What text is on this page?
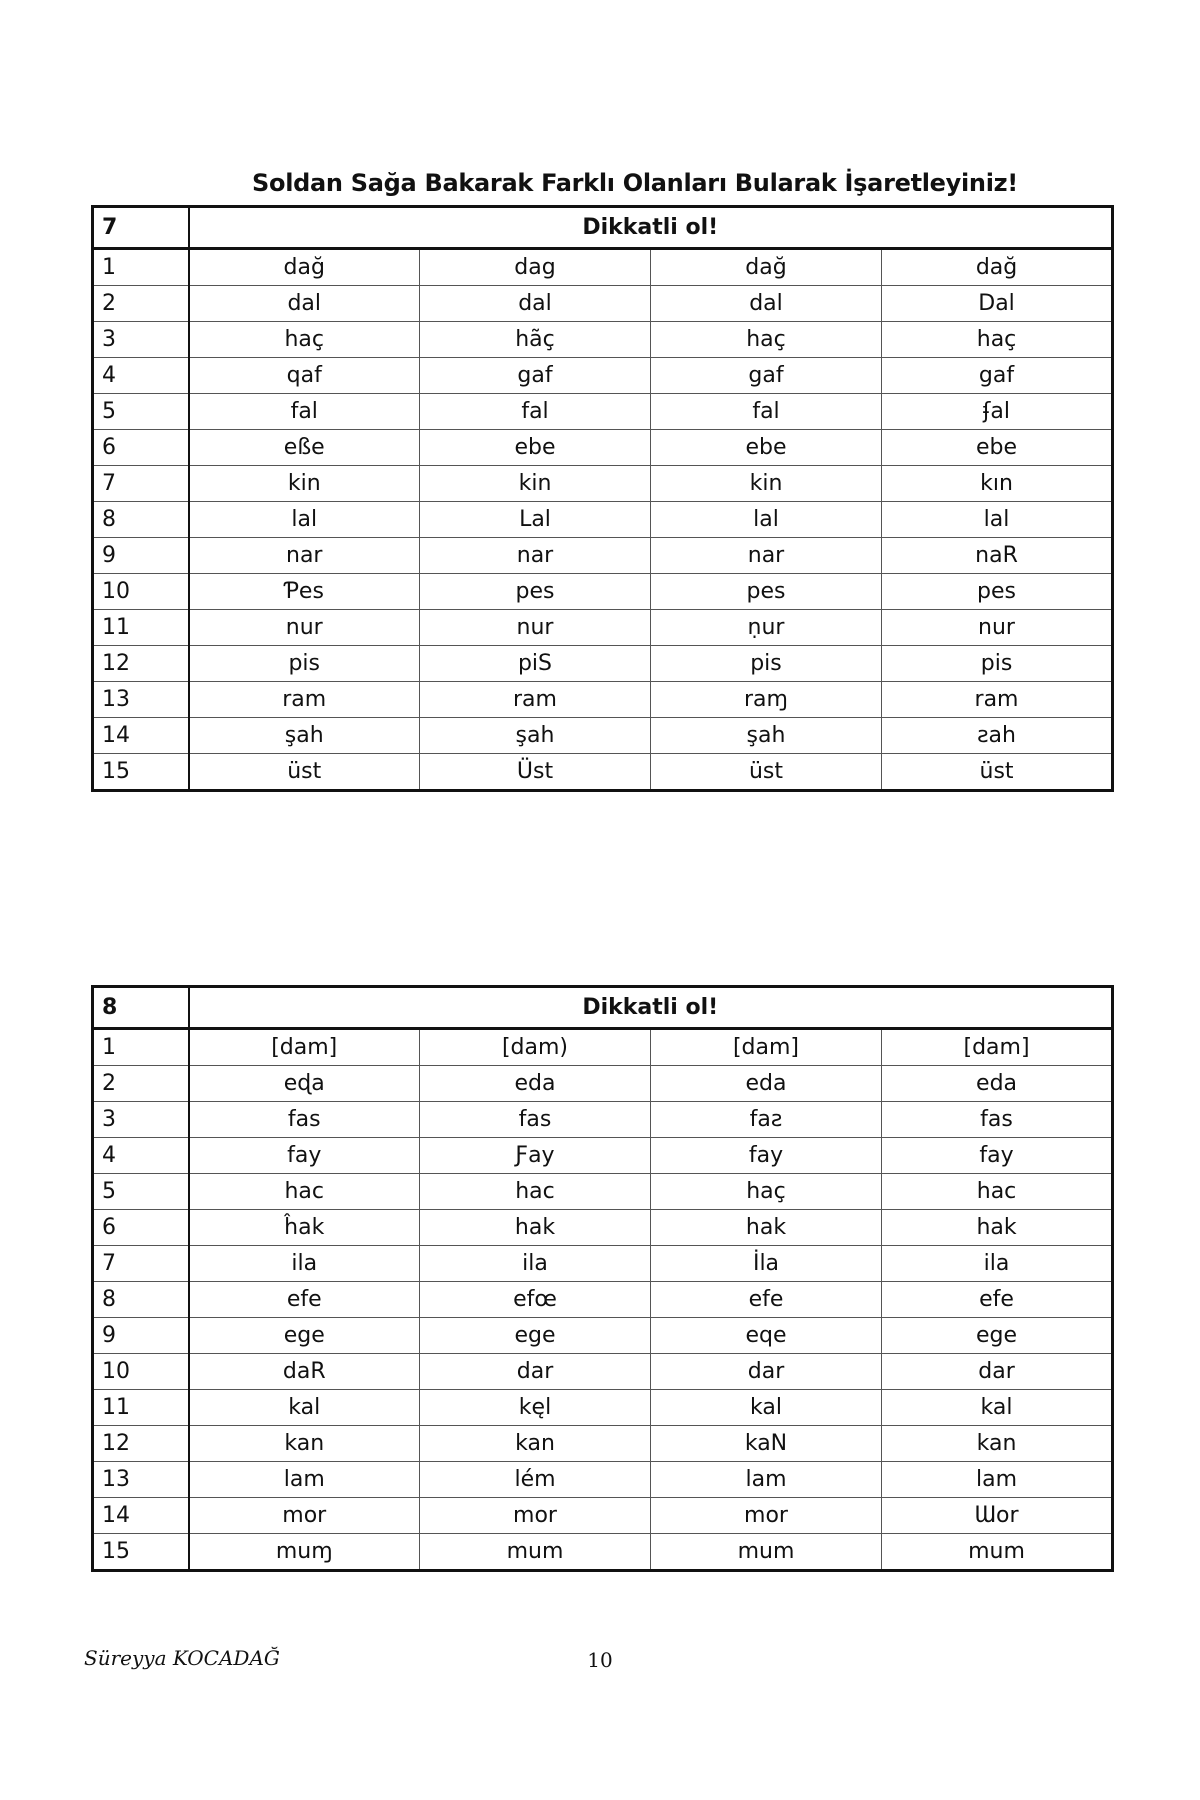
Soldan Sağa Bakarak Farklı Olanları Bularak İşaretleyiniz!
7	Dikkatli ol!			
1	dağ	dag	dağ	dağ
2	dal	dal	dal	Dal
3	haç	hãç	haç	haç
4	qaf	gaf	gaf	gaf
5	fal	fal	fal	ʄal
6	eße	ebe	ebe	ebe
7	kin	kin	kin	kın
8	lal	Lal	lal	lal
9	nar	nar	nar	naR
10	Ƥes	pes	pes	pes
11	nur	nur	ṇur	nur
12	pis	piS	pis	pis
13	ram	ram	raɱ	ram
14	şah	şah	şah	ƨah
15	üst	Üst	üst	üst
8	Dikkatli ol!			
1	[dam]	[dam)	[dam]	[dam]
2	eɖa	eda	eda	eda
3	fas	fas	faƨ	fas
4	fay	Ƒay	fay	fay
5	hac	hac	haç	hac
6	ĥak	hak	hak	hak
7	ila	ila	İla	ila
8	efe	efœ	efe	efe
9	ege	ege	eqe	ege
10	daR	dar	dar	dar
11	kal	kęl	kal	kal
12	kan	kan	kaN	kan
13	lam	lém	lam	lam
14	mor	mor	mor	Ɯor
15	muɱ	mum	mum	mum
Süreyya KOCADAĞ	10
